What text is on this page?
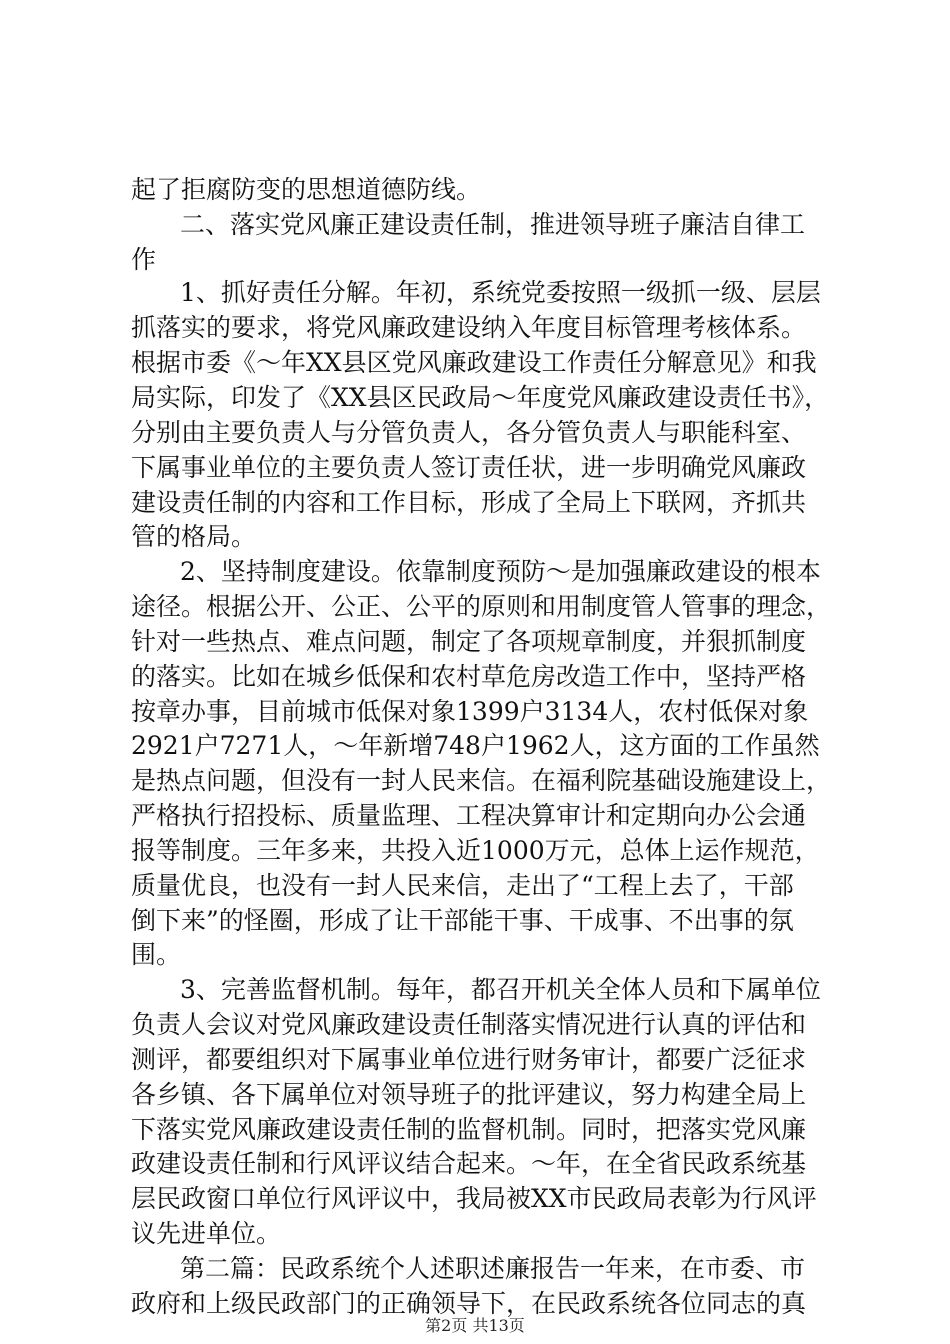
起了拒腐防变的思想道德防线。
　二、落实党风廉正建设责任制，推进领导班子廉洁自律工
作
　1、抓好责任分解。年初，系统党委按照一级抓一级、层层
抓落实的要求，将党风廉政建设纳入年度目标管理考核体系。
根据市委《～年XX县区党风廉政建设工作责任分解意见》和我
局实际，印发了《XX县区民政局～年度党风廉政建设责任书》，
分别由主要负责人与分管负责人，各分管负责人与职能科室、
下属事业单位的主要负责人签订责任状，进一步明确党风廉政
建设责任制的内容和工作目标，形成了全局上下联网，齐抓共
管的格局。
　2、坚持制度建设。依靠制度预防～是加强廉政建设的根本
途径。根据公开、公正、公平的原则和用制度管人管事的理念，
针对一些热点、难点问题，制定了各项规章制度，并狠抓制度
的落实。比如在城乡低保和农村草危房改造工作中，坚持严格
按章办事，目前城市低保对象1399户3134人，农村低保对象
2921户7271人，～年新增748户1962人，这方面的工作虽然
是热点问题，但没有一封人民来信。在福利院基础设施建设上，
严格执行招投标、质量监理、工程决算审计和定期向办公会通
报等制度。三年多来，共投入近1000万元，总体上运作规范，
质量优良，也没有一封人民来信，走出了“工程上去了，干部
倒下来”的怪圈，形成了让干部能干事、干成事、不出事的氛
围。
　3、完善监督机制。每年，都召开机关全体人员和下属单位
负责人会议对党风廉政建设责任制落实情况进行认真的评估和
测评，都要组织对下属事业单位进行财务审计，都要广泛征求
各乡镇、各下属单位对领导班子的批评建议，努力构建全局上
下落实党风廉政建设责任制的监督机制。同时，把落实党风廉
政建设责任制和行风评议结合起来。～年，在全省民政系统基
层民政窗口单位行风评议中，我局被XX市民政局表彰为行风评
议先进单位。
　第二篇：民政系统个人述职述廉报告一年来，在市委、市
政府和上级民政部门的正确领导下，在民政系统各位同志的真
第2页 共13页
